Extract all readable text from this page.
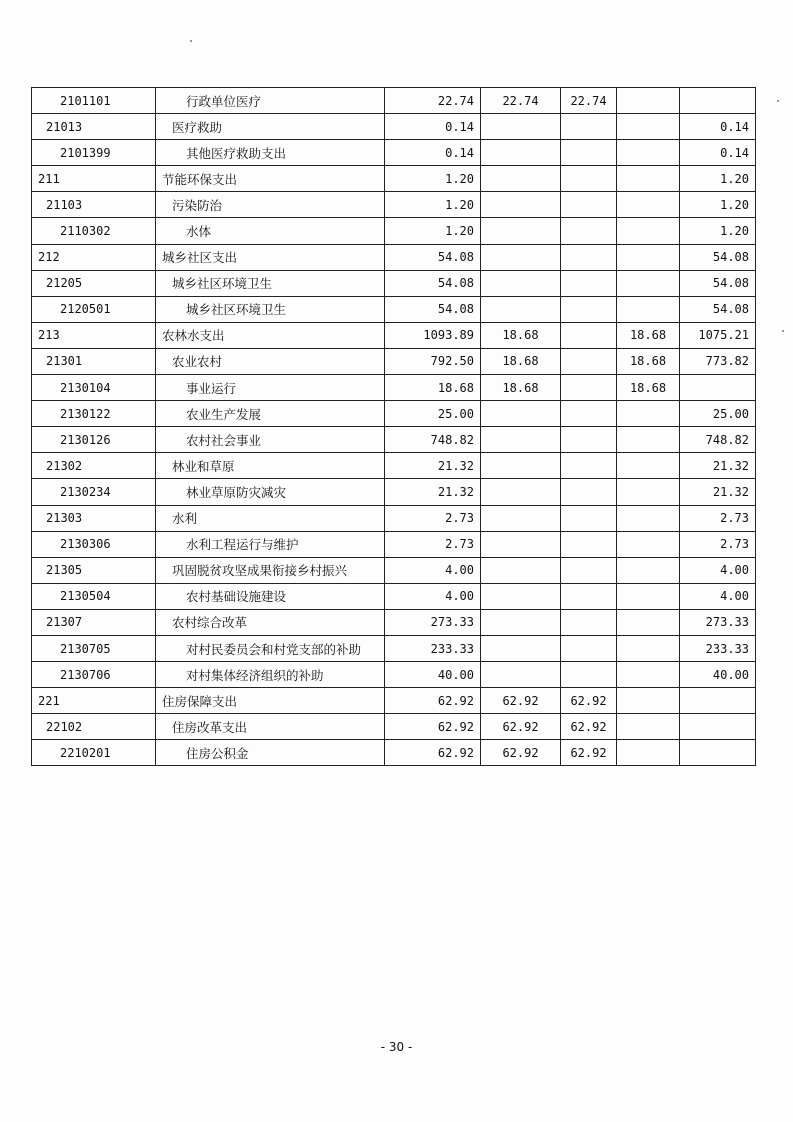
2101101	行政单位医疗	22.74	22.74	22.74		
21013	医疗救助	0.14				0.14
2101399	其他医疗救助支出	0.14				0.14
211	节能环保支出	1.20				1.20
21103	污染防治	1.20				1.20
2110302	水体	1.20				1.20
212	城乡社区支出	54.08				54.08
21205	城乡社区环境卫生	54.08				54.08
2120501	城乡社区环境卫生	54.08				54.08
213	农林水支出	1093.89	18.68		18.68	1075.21
21301	农业农村	792.50	18.68		18.68	773.82
2130104	事业运行	18.68	18.68		18.68	
2130122	农业生产发展	25.00				25.00
2130126	农村社会事业	748.82				748.82
21302	林业和草原	21.32				21.32
2130234	林业草原防灾减灾	21.32				21.32
21303	水利	2.73				2.73
2130306	水利工程运行与维护	2.73				2.73
21305	巩固脱贫攻坚成果衔接乡村振兴	4.00				4.00
2130504	农村基础设施建设	4.00				4.00
21307	农村综合改革	273.33				273.33
2130705	对村民委员会和村党支部的补助	233.33				233.33
2130706	对村集体经济组织的补助	40.00				40.00
221	住房保障支出	62.92	62.92	62.92		
22102	住房改革支出	62.92	62.92	62.92		
2210201	住房公积金	62.92	62.92	62.92		
- 30 -
